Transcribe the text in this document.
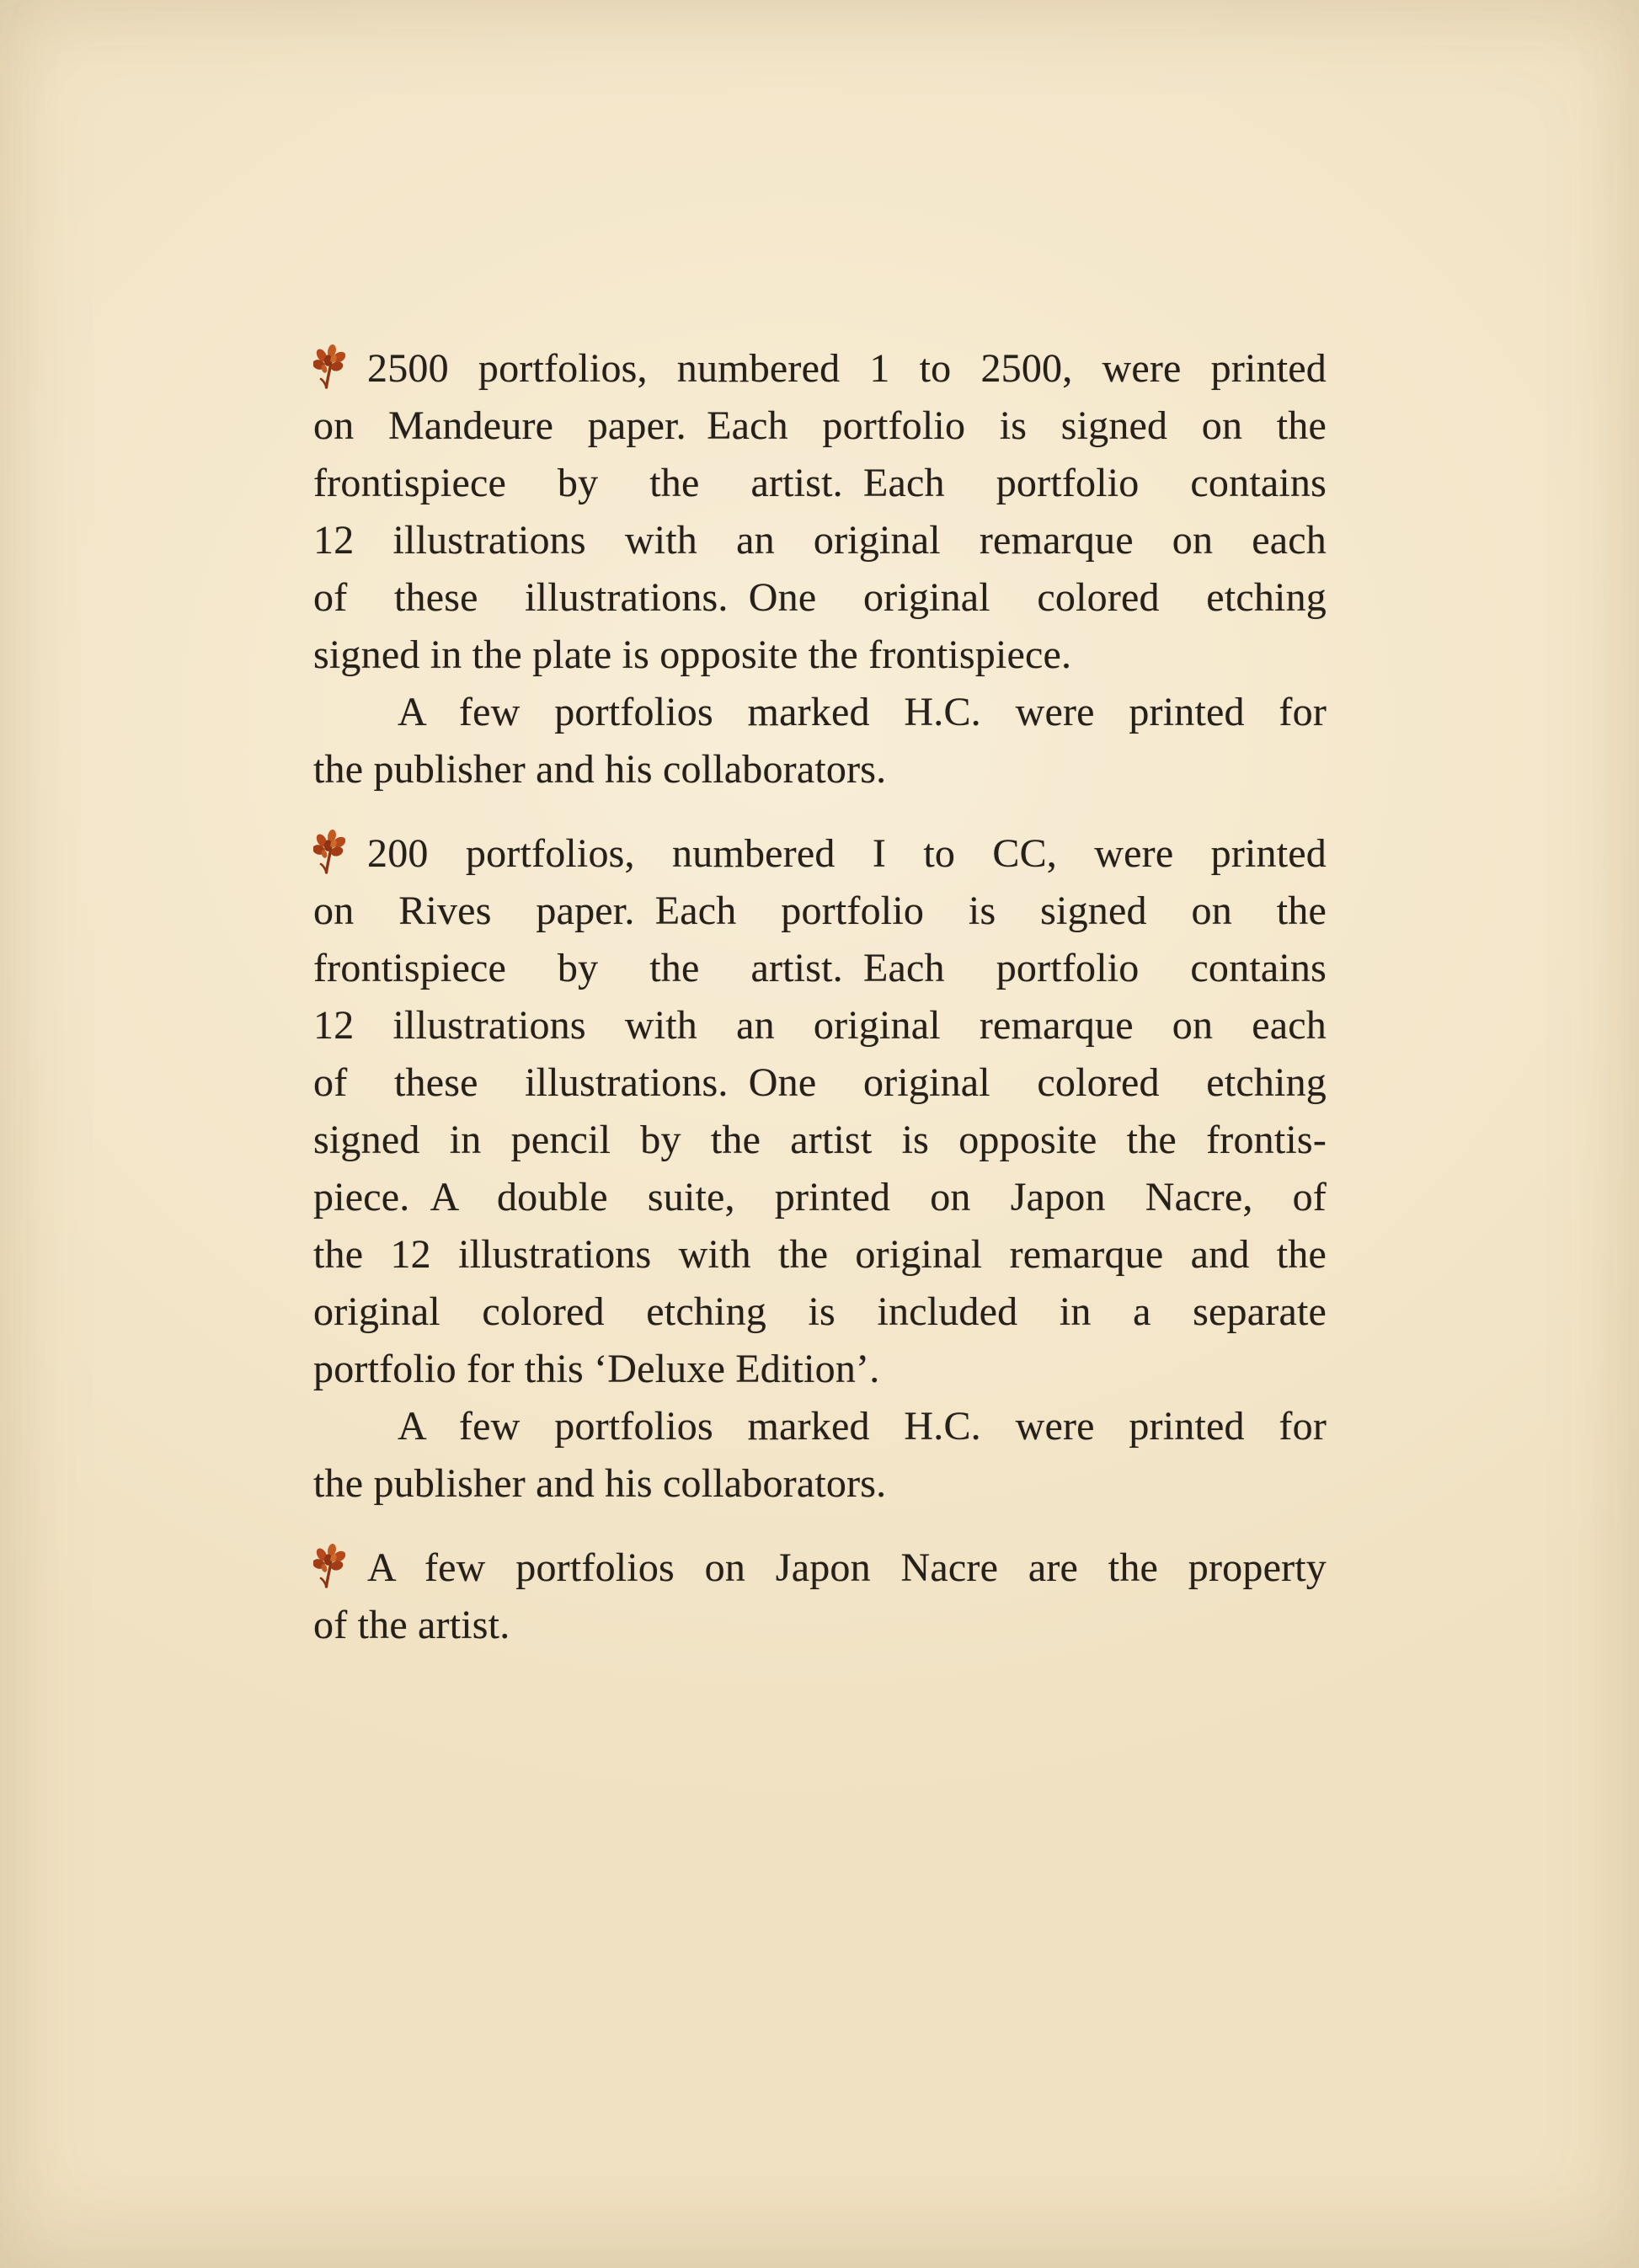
2500 portfolios, numbered 1 to 2500, were printed
on Mandeure paper. Each portfolio is signed on the
frontispiece by the artist. Each portfolio contains
12 illustrations with an original remarque on each
of these illustrations. One original colored etching
signed in the plate is opposite the frontispiece.
A few portfolios marked H.C. were printed for
the publisher and his collaborators.
200 portfolios, numbered I to CC, were printed
on Rives paper. Each portfolio is signed on the
frontispiece by the artist. Each portfolio contains
12 illustrations with an original remarque on each
of these illustrations. One original colored etching
signed in pencil by the artist is opposite the frontis-
piece. A double suite, printed on Japon Nacre, of
the 12 illustrations with the original remarque and the
original colored etching is included in a separate
portfolio for this ‘Deluxe Edition’.
A few portfolios marked H.C. were printed for
the publisher and his collaborators.
A few portfolios on Japon Nacre are the property
of the artist.
